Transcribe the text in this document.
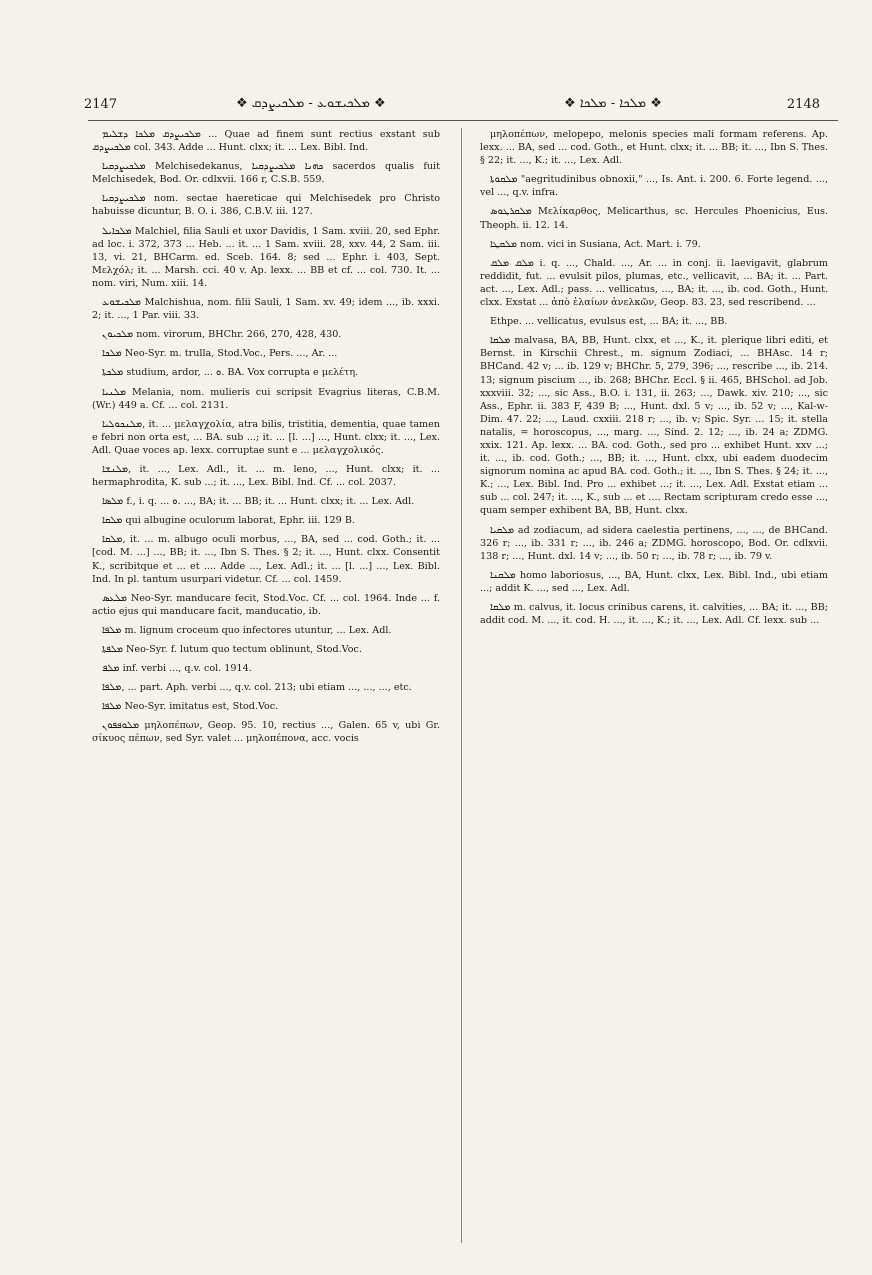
2147	❖ ܡܠܟܝܫܘܥ - ܡܠܟܝܨܕܩ ❖	❖ ܡܠܟܐ - ܡܠܟܐ ❖	2148

ܡܠܟܝܨܕܩ ܡܠܟܐ ܕܫܠܝܡ ... Quae ad finem sunt rectius exstant sub ܡܠܟܝܨܕܩ col. 343. Adde ... Hunt. clxx; it. ... Lex. Bibl. Ind.

ܡܠܟܝܨܕܩܝܐ Melchisedekanus, ܟܗܢܐ ܡܠܟܝܨܕܩܝܐ sacerdos qualis fuit Melchisedek, Bod. Or. cdlxvii. 166 r, C.S.B. 559.

ܡܠܟܝܨܕܩܝܐ nom. sectae haereticae qui Melchisedek pro Christo habuisse dicuntur, B. O. i. 386, C.B.V. iii. 127.

ܡܠܟܐܝܠ Malchiel, filia Sauli et uxor Davidis, 1 Sam. xviii. 20, sed Ephr. ad loc. i. 372, 373 ... Heb. ... it. ... 1 Sam. xviii. 28, xxv. 44, 2 Sam. iii. 13, vi. 21, BHCarm. ed. Sceb. 164. 8; sed ... Ephr. i. 403, Sept. Μελχόλ; it. ... Marsh. cci. 40 v. Ap. lexx. ... BB et cf. ... col. 730. It. ... nom. viri, Num. xiii. 14.

ܡܠܟܝܫܘܥ Malchishua, nom. filii Sauli, 1 Sam. xv. 49; idem ..., ib. xxxi. 2; it. ..., 1 Par. viii. 33.

ܡܠܟܝܘܢ nom. virorum, BHChr. 266, 270, 428, 430.

ܡܠܟܐ Neo-Syr. m. trulla, Stod.Voc., Pers. ..., Ar. ...

ܡܠܟܬܐ studium, ardor, ... ܘ. BA. Vox corrupta e μελέτη.

ܡܠܢܝܐ Melania, nom. mulieris cui scripsit Evagrius literas, C.B.M. (Wr.) 449 a. Cf. ... col. 2131.

ܡܠܢܟܘܠܝܐ, it. ... μελαγχολία, atra bilis, tristitia, dementia, quae tamen e febri non orta est, ... BA. sub ...; it. ... [l. ...] ..., Hunt. clxx; it. ..., Lex. Adl. Quae voces ap. lexx. corruptae sunt e ... μελαγχολικός.

ܡܠܢܫܐ, it. ..., Lex. Adl., it. ... m. leno, ..., Hunt. clxx; it. ... hermaphrodita, K. sub ...; it. ..., Lex. Bibl. Ind. Cf. ... col. 2037.

ܡܠܣܐ f., i. q. ... ܘ. ..., BA; it. ... BB; it. ... Hunt. clxx; it. ... Lex. Adl.

ܡܠܩܐ qui albugine oculorum laborat, Ephr. iii. 129 B.

ܡܠܩܐ, it. ... m. albugo oculi morbus, ..., BA, sed ... cod. Goth.; it. ... [cod. M. ...] ..., BB; it. ..., Ibn S. Thes. § 2; it. ..., Hunt. clxx. Consentit K., scribitque et ... et .... Adde ..., Lex. Adl.; it. ... [l. ...] ..., Lex. Bibl. Ind. In pl. tantum usurpari videtur. Cf. ... col. 1459.

ܡܠܥܣ Neo-Syr. manducare fecit, Stod.Voc. Cf. ... col. 1964. Inde ... f. actio ejus qui manducare facit, manducatio, ib.

ܡܠܦܐ m. lignum croceum quo infectores utuntur, ... Lex. Adl.

ܡܠܦܬܐ Neo-Syr. f. lutum quo tectum oblinunt, Stod.Voc.

ܡܠܦ inf. verbi ..., q.v. col. 1914.

ܡܠܦܐ, ... part. Aph. verbi ..., q.v. col. 213; ubi etiam ..., ..., ..., etc.

ܡܠܦܐ Neo-Syr. imitatus est, Stod.Voc.

ܡܠܘܦܦܘܢ μηλοπέπων, Geop. 95. 10, rectius ..., Galen. 65 v, ubi Gr. σίκυος πέπων, sed Syr. valet ... μηλοπέπονα, acc. vocis

μηλοπέπων, melopepo, melonis species mali formam referens. Ap. lexx. ... BA, sed ... cod. Goth., et Hunt. clxx; it. ... BB; it. ..., Ibn S. Thes. § 22; it. ..., K.; it. ..., Lex. Adl.

ܡܠܩܘܬܐ "aegritudinibus obnoxii," ..., Is. Ant. i. 200. 6. Forte legend. ..., vel ..., q.v. infra.

ܡܠܩܪܛܘܣ Μελίκαρθος, Melicarthus, sc. Hercules Phoenicius, Eus. Theoph. ii. 12. 14.

ܡܠܩܛܐ nom. vici in Susiana, Act. Mart. i. 79.

ܡܠܩ ܡܠܩ i. q. ..., Chald. ..., Ar. ... in conj. ii. laevigavit, glabrum reddidit, fut. ... evulsit pilos, plumas, etc., vellicavit, ... BA; it. ... Part. act. ..., Lex. Adl.; pass. ... vellicatus, ..., BA; it. ..., ib. cod. Goth., Hunt. clxx. Exstat ... ἀπὸ ἐλαίων ἀνελκῶν, Geop. 83. 23, sed rescribend. ...

Ethpe. ... vellicatus, evulsus est, ... BA; it. ..., BB.

ܡܠܩܐ malvasa, BA, BB, Hunt. clxx, et ..., K., it. plerique libri editi, et Bernst. in Kirschii Chrest., m. signum Zodiaci, ... BHAsc. 14 r; BHCand. 42 v; ... ib. 129 v; BHChr. 5, 279, 396; ..., rescribe ..., ib. 214. 13; signum piscium ..., ib. 268; BHChr. Eccl. § ii. 465, BHSchol. ad Job. xxxviii. 32; ..., sic Ass., B.O. i. 131, ii. 263; ..., Dawk. xiv. 210; ..., sic Ass., Ephr. ii. 383 F, 439 B; ..., Hunt. dxl. 5 v; ..., ib. 52 v; ..., Kal-w-Dim. 47. 22; ..., Laud. cxxiii. 218 r; ..., ib. v; Spic. Syr. ... 15; it. stella natalis, = horoscopus, ..., marg. ..., Sind. 2. 12; ..., ib. 24 a; ZDMG. xxix. 121. Ap. lexx. ... BA. cod. Goth., sed pro ... exhibet Hunt. xxv ...; it. ..., ib. cod. Goth.; ..., BB; it. ..., Hunt. clxx, ubi eadem duodecim signorum nomina ac apud BA. cod. Goth.; it. ..., Ibn S. Thes. § 24; it. ..., K.; ..., Lex. Bibl. Ind. Pro ... exhibet ...; it. ..., Lex. Adl. Exstat etiam ... sub ... col. 247; it. ..., K., sub ... et .... Rectam scripturam credo esse ..., quam semper exhibent BA, BB, Hunt. clxx.

ܡܠܩܝܐ ad zodiacum, ad sidera caelestia pertinens, ..., ..., de BHCand. 326 r; ..., ib. 331 r; ..., ib. 246 a; ZDMG. horoscopo, Bod. Or. cdlxvii. 138 r; ..., Hunt. dxl. 14 v; ..., ib. 50 r; ..., ib. 78 r; ..., ib. 79 v.

ܡܠܩܢܐ homo laboriosus, ..., BA, Hunt. clxx, Lex. Bibl. Ind., ubi etiam ...; addit K. ..., sed ..., Lex. Adl.

ܡܠܩܐ m. calvus, it. locus crinibus carens, it. calvities, ... BA; it. ..., BB; addit cod. M. ..., it. cod. H. ..., it. ..., K.; it. ..., Lex. Adl. Cf. lexx. sub ...
